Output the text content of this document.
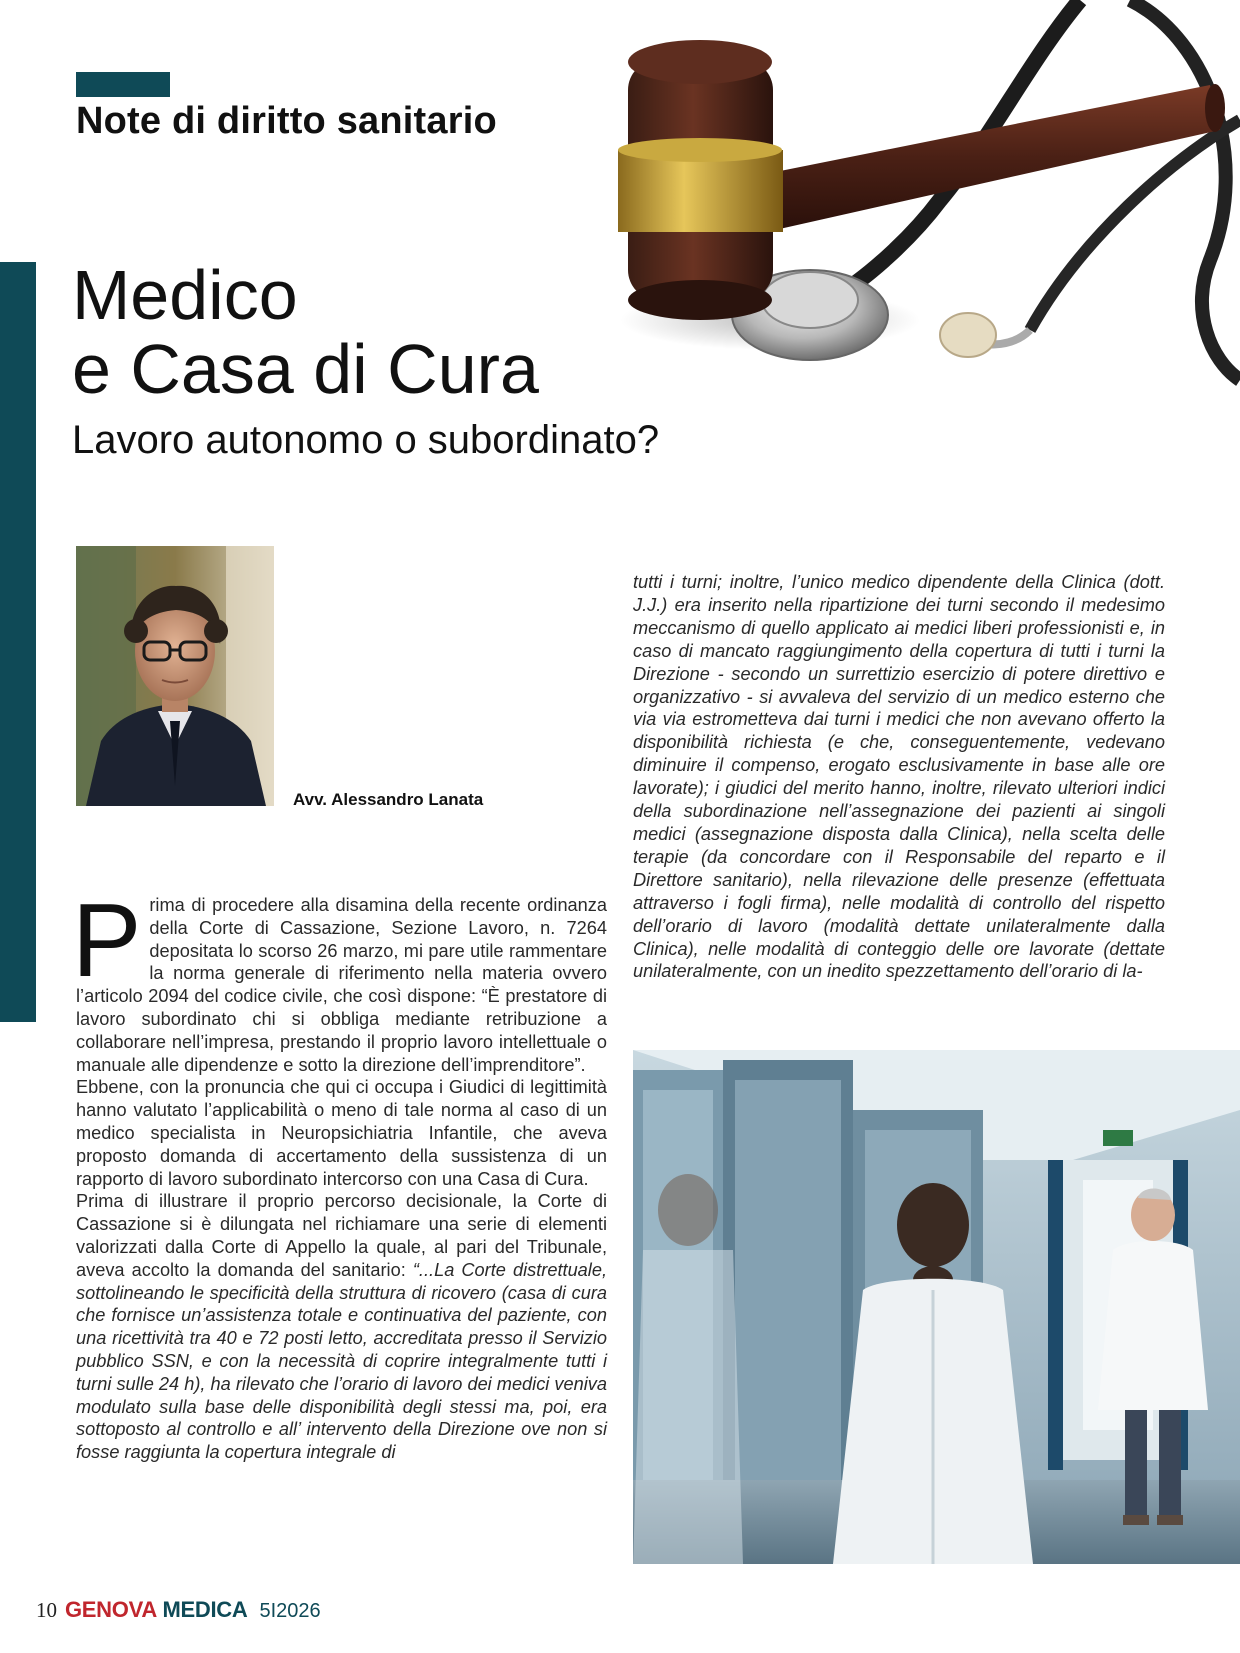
Note di diritto sanitario
Medico
e Casa di Cura
Lavoro autonomo o subordinato?
Avv. Alessandro Lanata

Prima di procedere alla disamina della recente ordinanza della Corte di Cassazione, Sezione Lavoro, n. 7264 depositata lo scorso 26 marzo, mi pare utile rammentare la norma generale di riferimento nella materia ovvero l’articolo 2094 del codice civile, che così dispone: “È prestatore di lavoro subordinato chi si obbliga mediante retribuzione a collaborare nell’impresa, prestando il proprio lavoro intellettuale o manuale alle dipendenze e sotto la direzione dell’imprenditore”.

Ebbene, con la pronuncia che qui ci occupa i Giudici di legittimità hanno valutato l’applicabilità o meno di tale norma al caso di un medico specialista in Neuropsichiatria Infantile, che aveva proposto domanda di accertamento della sussistenza di un rapporto di lavoro subordinato intercorso con una Casa di Cura.

Prima di illustrare il proprio percorso decisionale, la Corte di Cassazione si è dilungata nel richiamare una serie di elementi valorizzati dalla Corte di Appello la quale, al pari del Tribunale, aveva accolto la domanda del sanitario: “...La Corte distrettuale, sottolineando le specificità della struttura di ricovero (casa di cura che fornisce un’assistenza totale e continuativa del paziente, con una ricettività tra 40 e 72 posti letto, accreditata presso il Servizio pubblico SSN, e con la necessità di coprire integralmente tutti i turni sulle 24 h), ha rilevato che l’orario di lavoro dei medici veniva modulato sulla base delle disponibilità degli stessi ma, poi, era sottoposto al controllo e all’ intervento della Direzione ove non si fosse raggiunta la copertura integrale di

tutti i turni; inoltre, l’unico medico dipendente della Clinica (dott. J.J.) era inserito nella ripartizione dei turni secondo il medesimo meccanismo di quello applicato ai medici liberi professionisti e, in caso di mancato raggiungimento della copertura di tutti i turni la Direzione - secondo un surrettizio esercizio di potere direttivo e organizzativo - si avvaleva del servizio di un medico esterno che via via estrometteva dai turni i medici che non avevano offerto la disponibilità richiesta (e che, conseguentemente, vedevano diminuire il compenso, erogato esclusivamente in base alle ore lavorate); i giudici del merito hanno, inoltre, rilevato ulteriori indici della subordinazione nell’assegnazione dei pazienti ai singoli medici (assegnazione disposta dalla Clinica), nella scelta delle terapie (da concordare con il Responsabile del reparto e il Direttore sanitario), nella rilevazione delle presenze (effettuata attraverso i fogli firma), nelle modalità di controllo del rispetto dell’orario di lavoro (modalità dettate unilateralmente dalla Clinica), nelle modalità di conteggio delle ore lavorate (dettate unilateralmente, con un inedito spezzettamento dell’orario di la-

10 GENOVA MEDICA 5I2026
